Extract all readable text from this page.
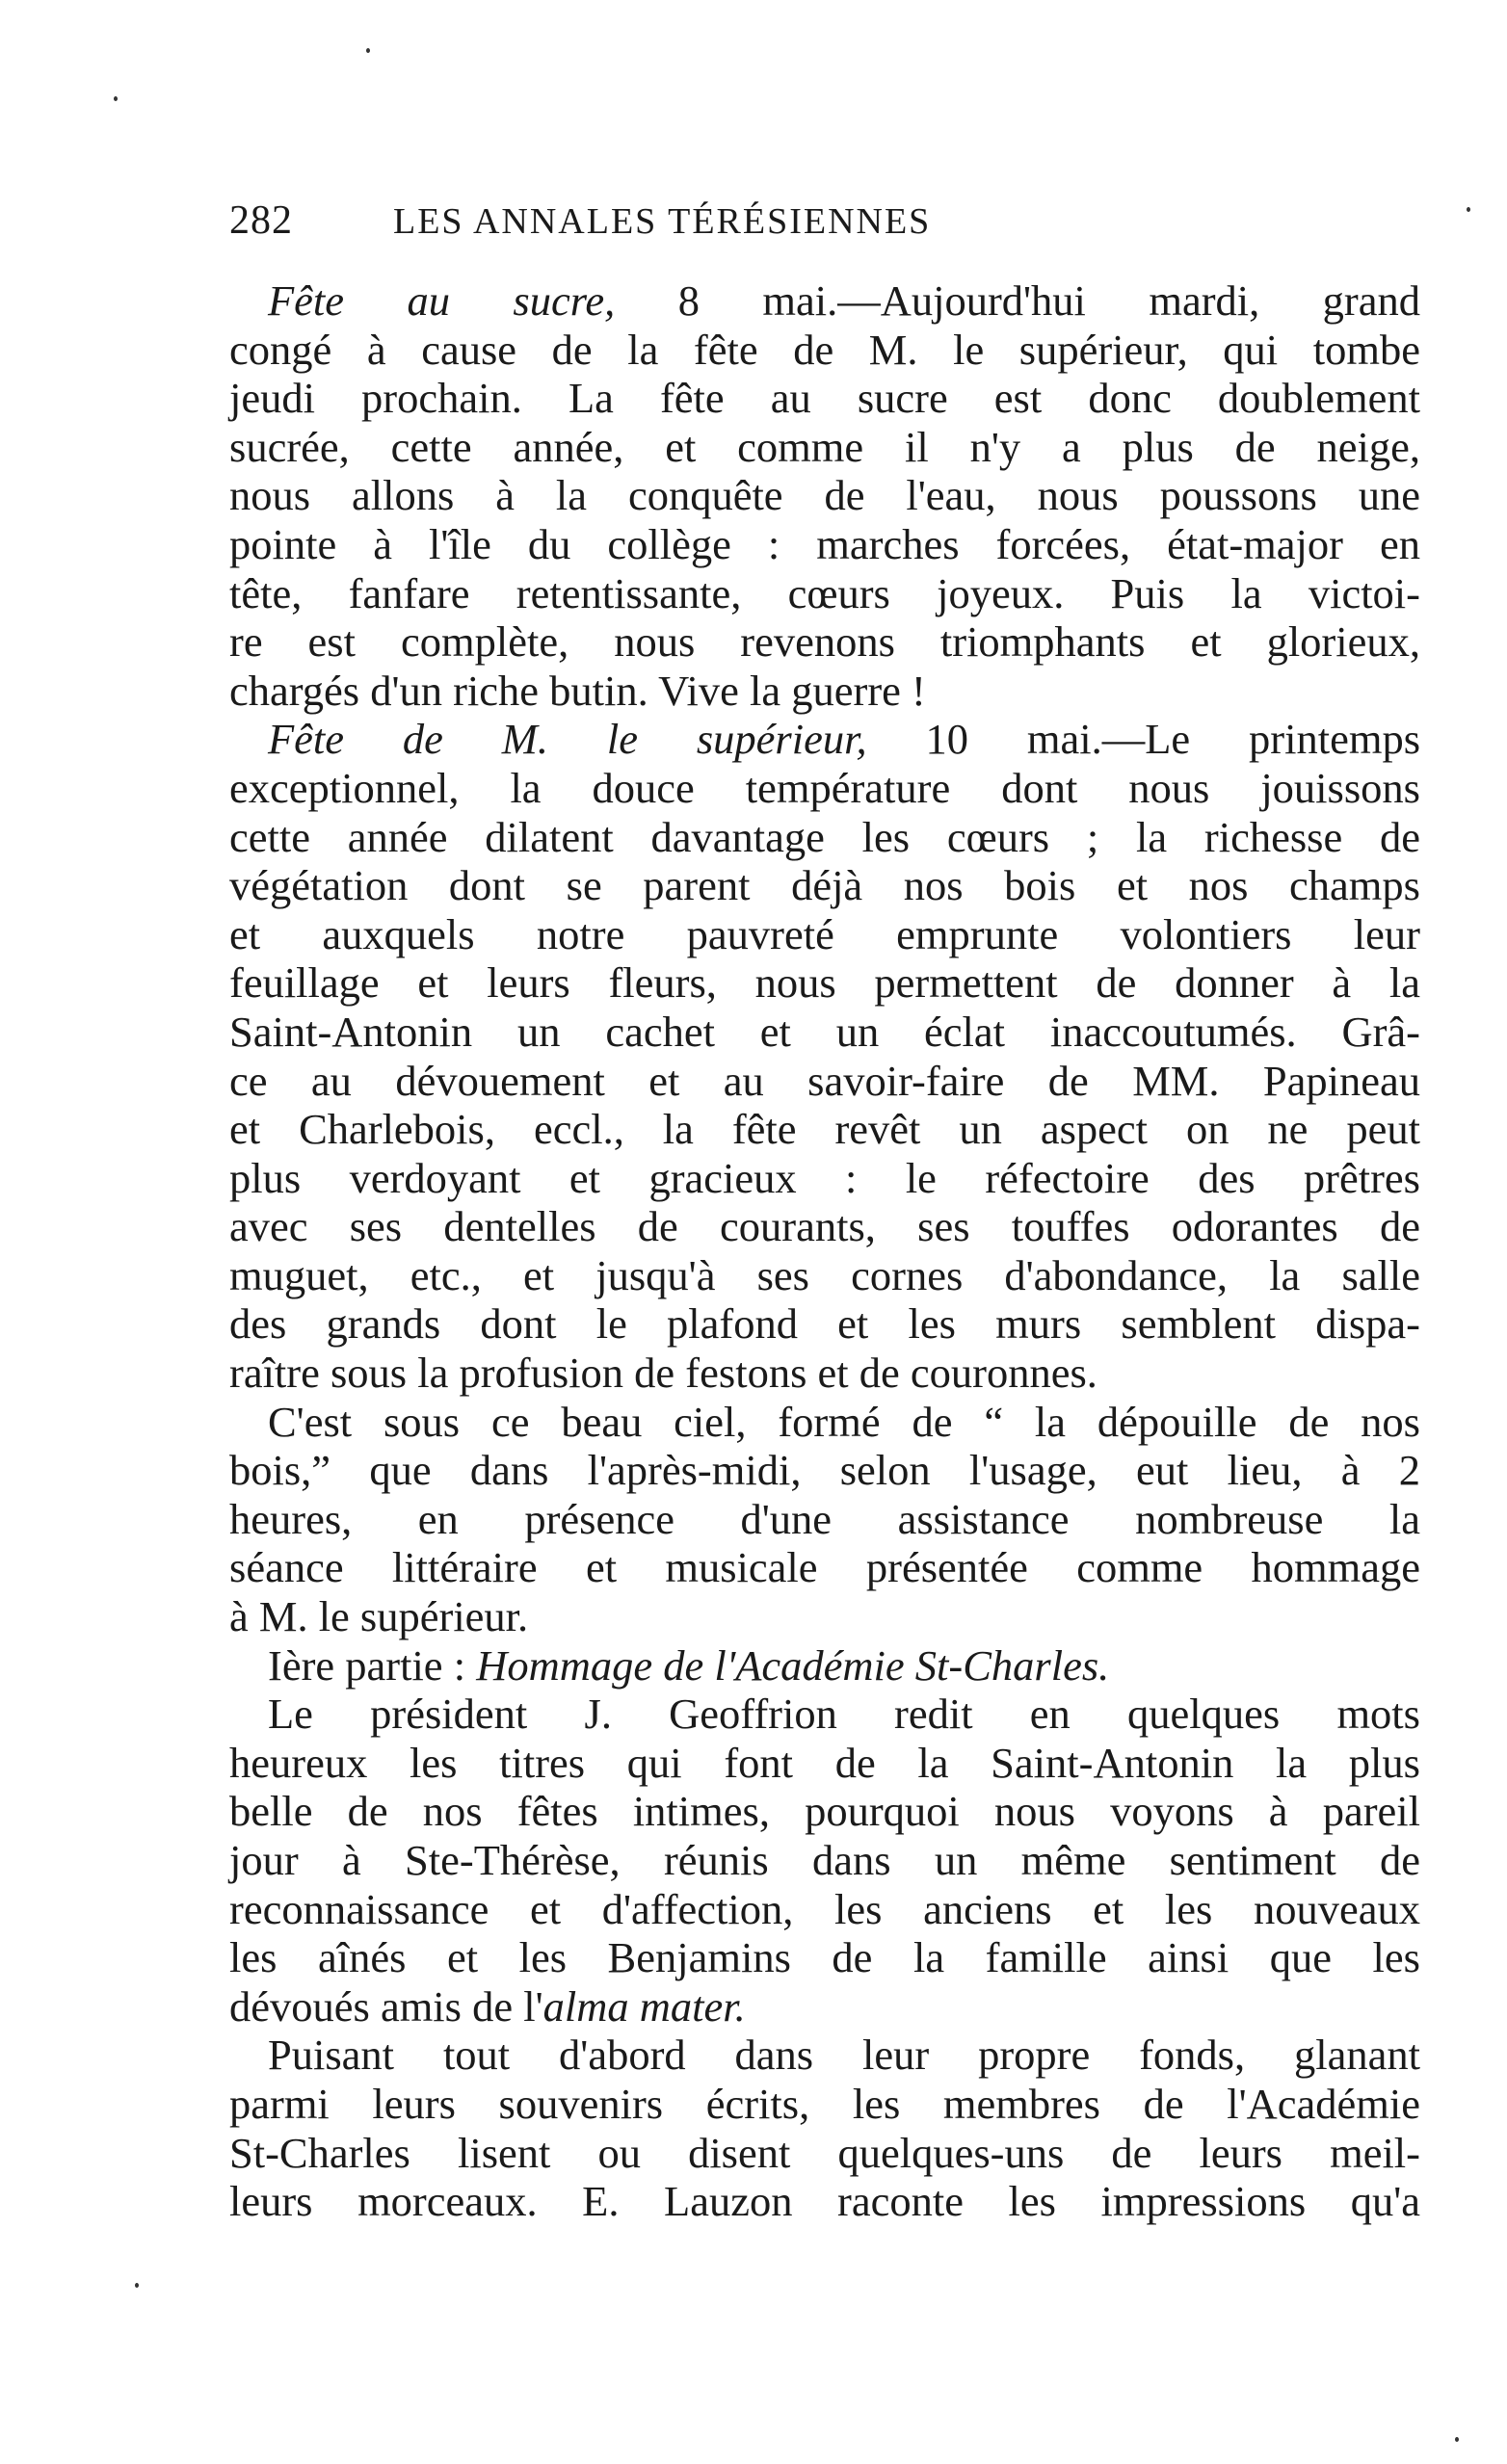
282	LES ANNALES TÉRÉSIENNES
Fête au sucre, 8 mai.—Aujourd'hui mardi, grand
congé à cause de la fête de M. le supérieur, qui tombe
jeudi prochain. La fête au sucre est donc doublement
sucrée, cette année, et comme il n'y a plus de neige,
nous allons à la conquête de l'eau, nous poussons une
pointe à l'île du collège : marches forcées, état-major en
tête, fanfare retentissante, cœurs joyeux. Puis la victoi-
re est complète, nous revenons triomphants et glorieux,
chargés d'un riche butin. Vive la guerre !
Fête de M. le supérieur, 10 mai.—Le printemps
exceptionnel, la douce température dont nous jouissons
cette année dilatent davantage les cœurs ; la richesse de
végétation dont se parent déjà nos bois et nos champs
et auxquels notre pauvreté emprunte volontiers leur
feuillage et leurs fleurs, nous permettent de donner à la
Saint-Antonin un cachet et un éclat inaccoutumés. Grâ-
ce au dévouement et au savoir-faire de MM. Papineau
et Charlebois, eccl., la fête revêt un aspect on ne peut
plus verdoyant et gracieux : le réfectoire des prêtres
avec ses dentelles de courants, ses touffes odorantes de
muguet, etc., et jusqu'à ses cornes d'abondance, la salle
des grands dont le plafond et les murs semblent dispa-
raître sous la profusion de festons et de couronnes.
C'est sous ce beau ciel, formé de “ la dépouille de nos
bois,” que dans l'après-midi, selon l'usage, eut lieu, à 2
heures, en présence d'une assistance nombreuse la
séance littéraire et musicale présentée comme hommage
à M. le supérieur.
Ière partie : Hommage de l'Académie St-Charles.
Le président J. Geoffrion redit en quelques mots
heureux les titres qui font de la Saint-Antonin la plus
belle de nos fêtes intimes, pourquoi nous voyons à pareil
jour à Ste-Thérèse, réunis dans un même sentiment de
reconnaissance et d'affection, les anciens et les nouveaux
les aînés et les Benjamins de la famille ainsi que les
dévoués amis de l'alma mater.
Puisant tout d'abord dans leur propre fonds, glanant
parmi leurs souvenirs écrits, les membres de l'Académie
St-Charles lisent ou disent quelques-uns de leurs meil-
leurs morceaux. E. Lauzon raconte les impressions qu'a
